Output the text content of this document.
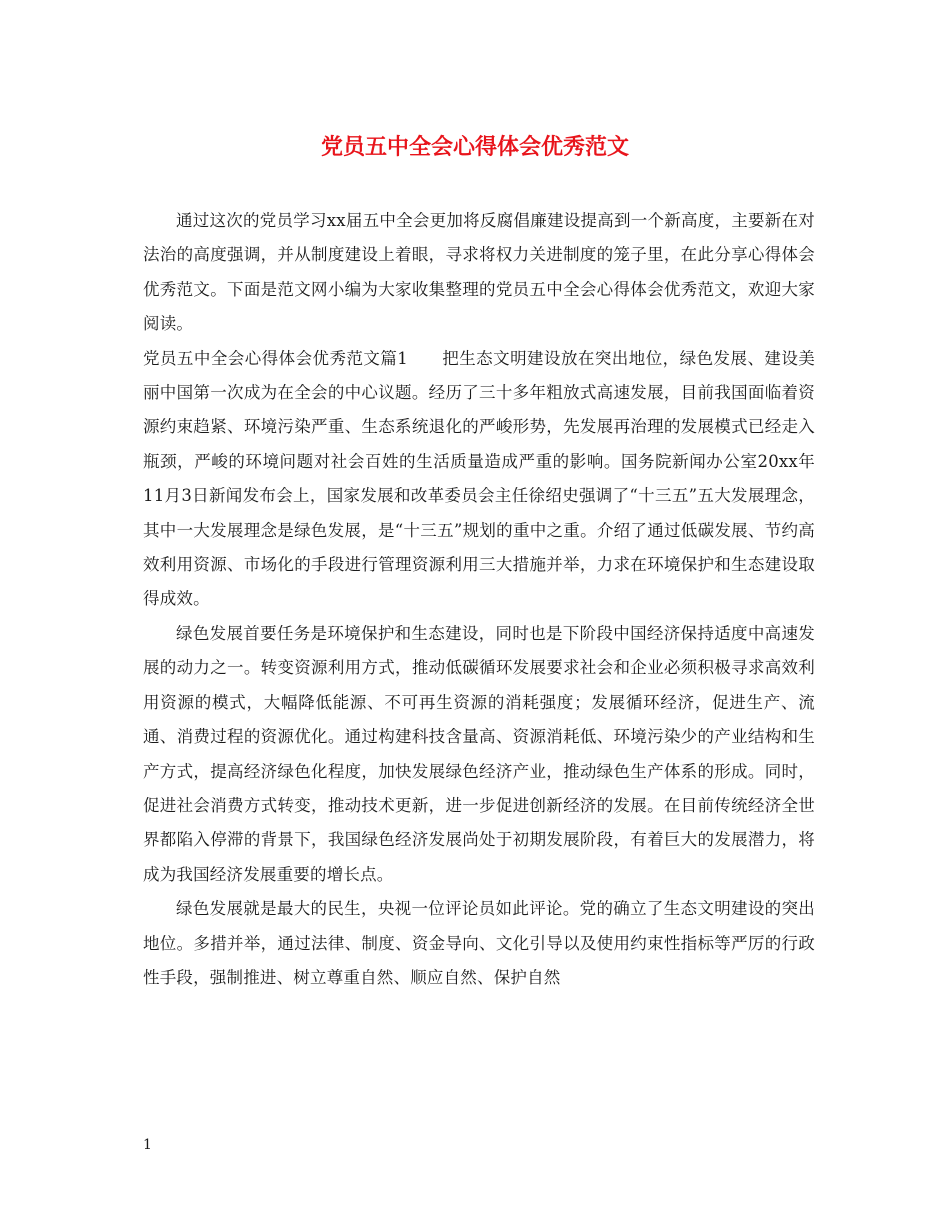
党员五中全会心得体会优秀范文

通过这次的党员学习xx届五中全会更加将反腐倡廉建设提高到一个新高度，主要新在对法治的高度强调，并从制度建设上着眼，寻求将权力关进制度的笼子里，在此分享心得体会优秀范文。下面是范文网小编为大家收集整理的党员五中全会心得体会优秀范文，欢迎大家阅读。

党员五中全会心得体会优秀范文篇1 把生态文明建设放在突出地位，绿色发展、建设美丽中国第一次成为在全会的中心议题。经历了三十多年粗放式高速发展，目前我国面临着资源约束趋紧、环境污染严重、生态系统退化的严峻形势，先发展再治理的发展模式已经走入瓶颈，严峻的环境问题对社会百姓的生活质量造成严重的影响。国务院新闻办公室20xx年11月3日新闻发布会上，国家发展和改革委员会主任徐绍史强调了“十三五”五大发展理念，其中一大发展理念是绿色发展，是“十三五”规划的重中之重。介绍了通过低碳发展、节约高效利用资源、市场化的手段进行管理资源利用三大措施并举，力求在环境保护和生态建设取得成效。

绿色发展首要任务是环境保护和生态建设，同时也是下阶段中国经济保持适度中高速发展的动力之一。转变资源利用方式，推动低碳循环发展要求社会和企业必须积极寻求高效利用资源的模式，大幅降低能源、不可再生资源的消耗强度；发展循环经济，促进生产、流通、消费过程的资源优化。通过构建科技含量高、资源消耗低、环境污染少的产业结构和生产方式，提高经济绿色化程度，加快发展绿色经济产业，推动绿色生产体系的形成。同时，促进社会消费方式转变，推动技术更新，进一步促进创新经济的发展。在目前传统经济全世界都陷入停滞的背景下，我国绿色经济发展尚处于初期发展阶段，有着巨大的发展潜力，将成为我国经济发展重要的增长点。

绿色发展就是最大的民生，央视一位评论员如此评论。党的确立了生态文明建设的突出地位。多措并举，通过法律、制度、资金导向、文化引导以及使用约束性指标等严厉的行政性手段，强制推进、树立尊重自然、顺应自然、保护自然

1
